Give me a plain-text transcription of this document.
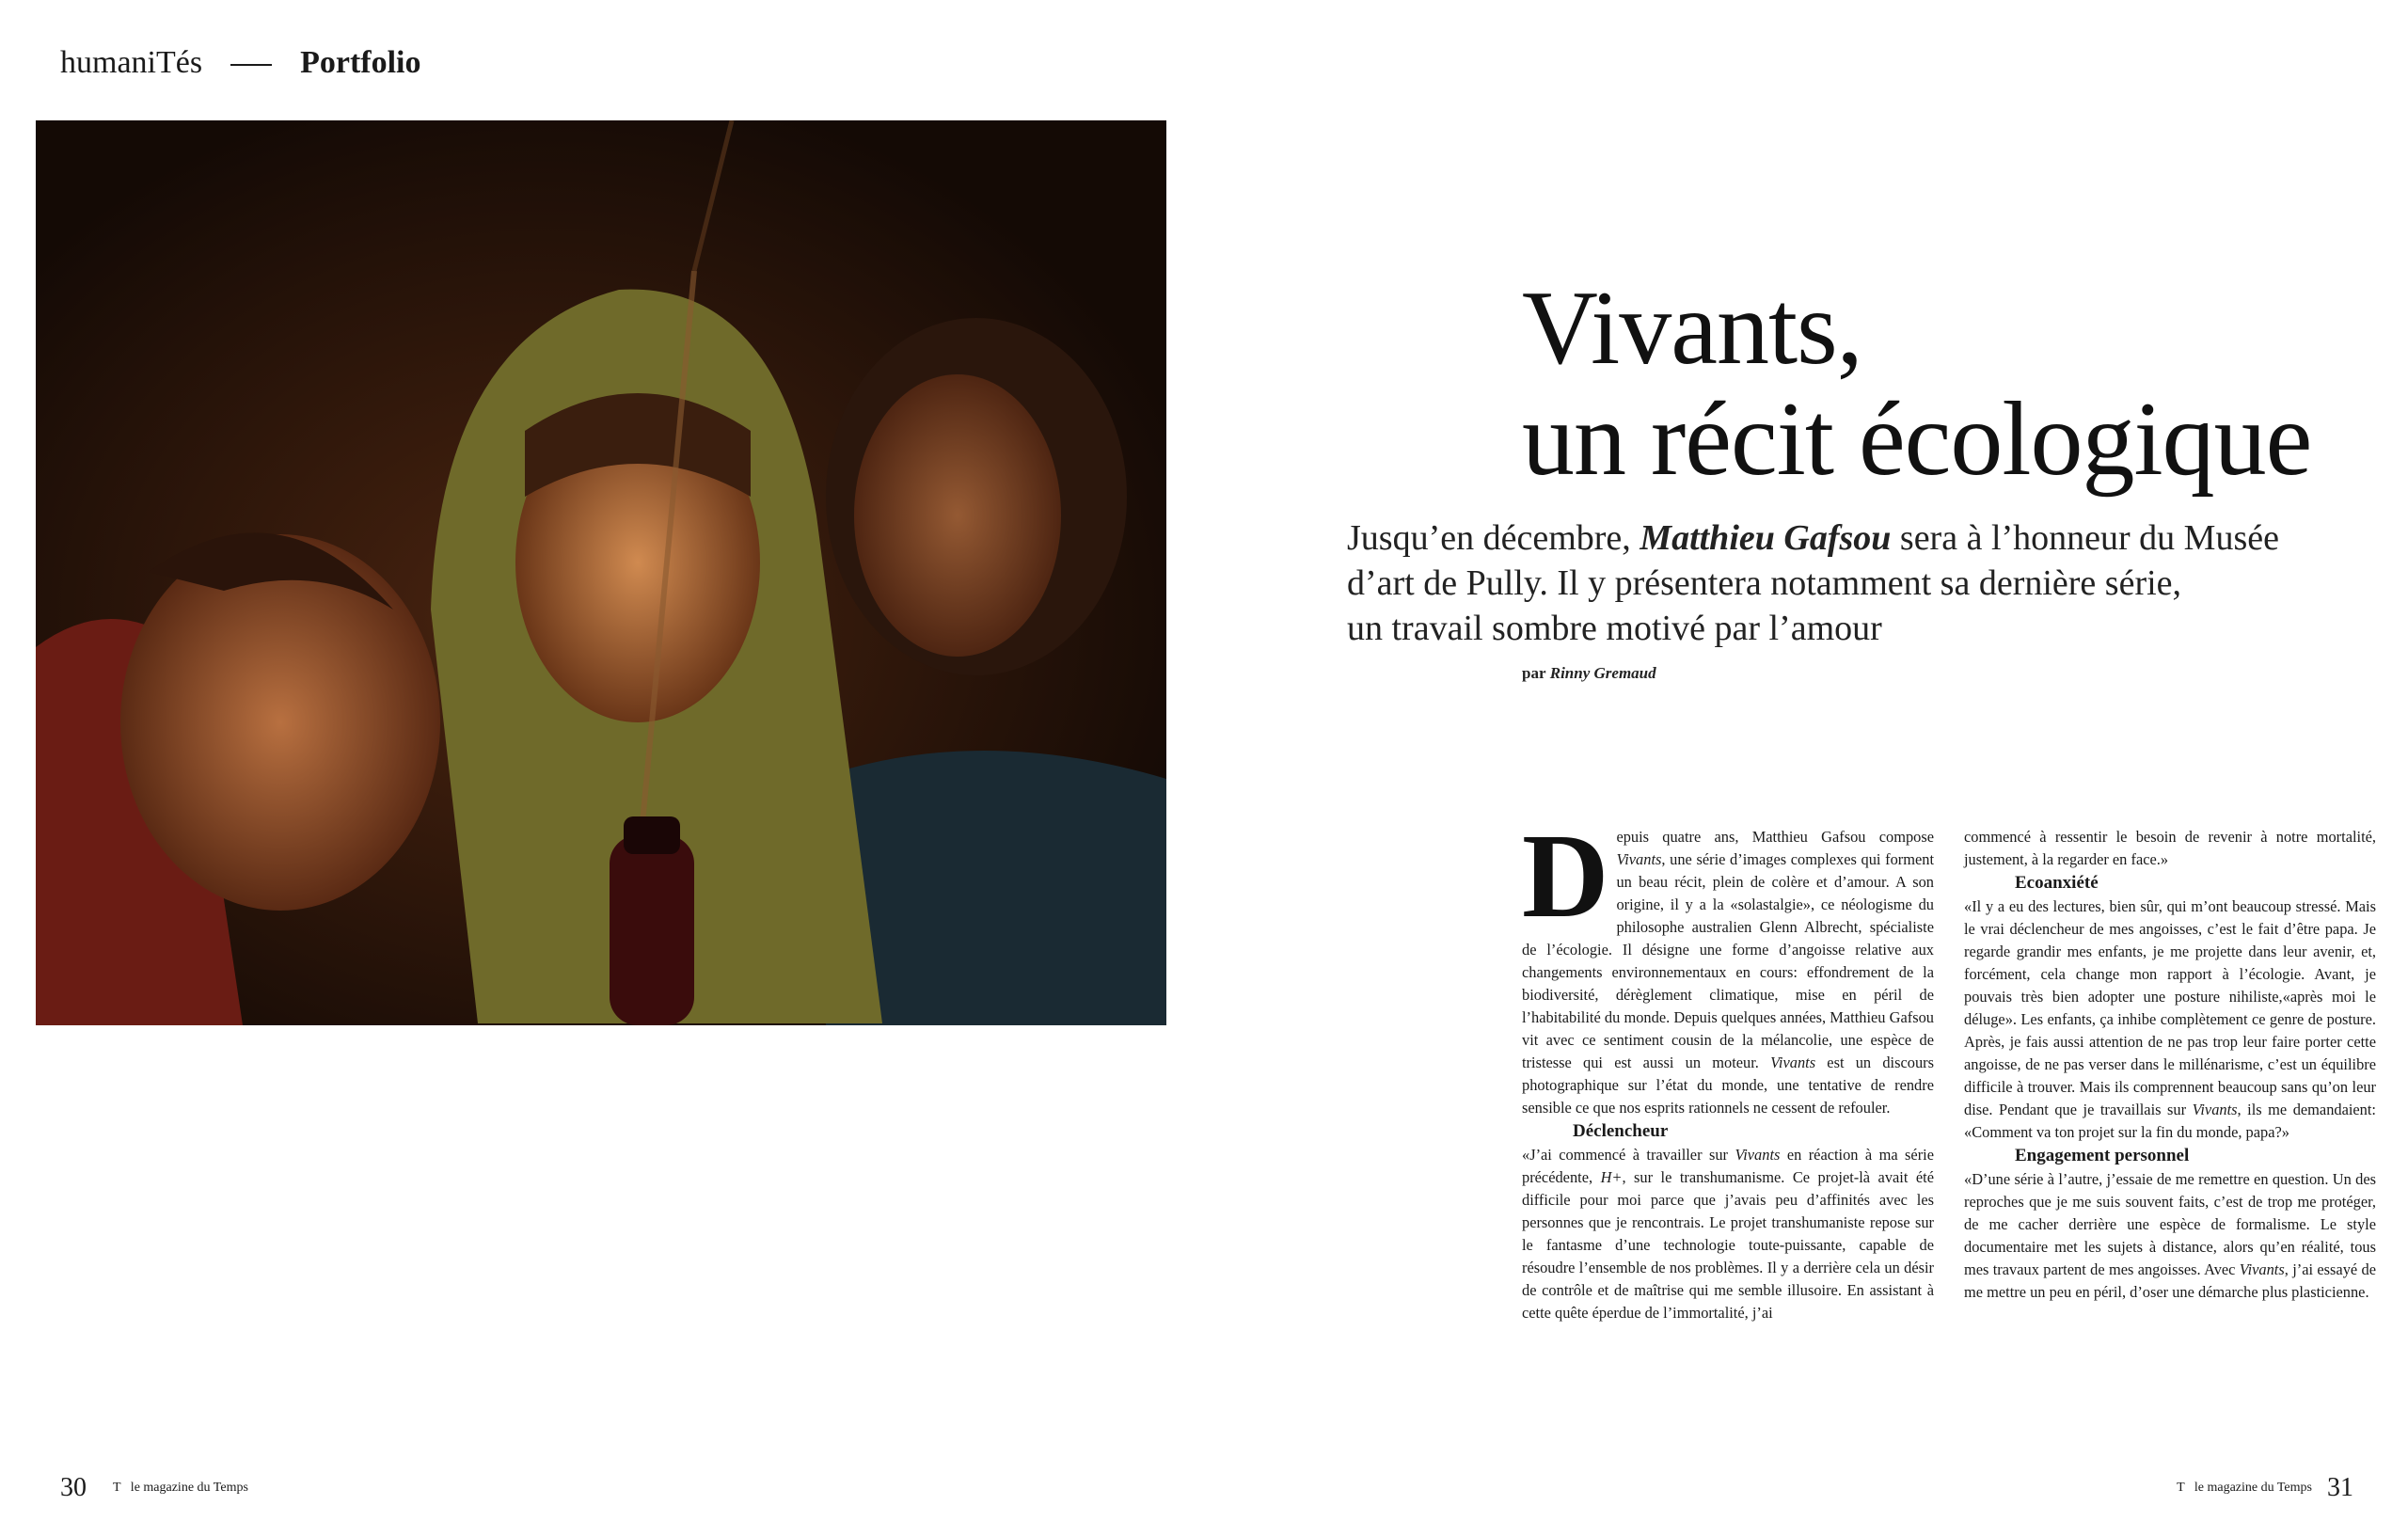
humaniTés	Portfolio
Vivants,
un récit écologique
Jusqu’en décembre, Matthieu Gafsou sera à l’honneur du Musée
d’art de Pully. Il y présentera notamment sa dernière série,
un travail sombre motivé par l’amour
par Rinny Gremaud

Depuis quatre ans, Matthieu Gafsou compose Vivants, une série d’images complexes qui forment un beau récit, plein de colère et d’amour. A son origine, il y a la «solastalgie», ce néologisme du philosophe australien Glenn Albrecht, spécialiste de l’écologie. Il désigne une forme d’angoisse relative aux changements environnementaux en cours: effondrement de la biodiversité, dérèglement climatique, mise en péril de l’habitabilité du monde. Depuis quelques années, Matthieu Gafsou vit avec ce sentiment cousin de la mélancolie, une espèce de tristesse qui est aussi un moteur. Vivants est un discours photographique sur l’état du monde, une tentative de rendre sensible ce que nos esprits rationnels ne cessent de refouler.

Déclencheur

«J’ai commencé à travailler sur Vivants en réaction à ma série précédente, H+, sur le transhumanisme. Ce projet-là avait été difficile pour moi parce que j’avais peu d’affinités avec les personnes que je rencontrais. Le projet transhumaniste repose sur le fantasme d’une technologie toute-puissante, capable de résoudre l’ensemble de nos problèmes. Il y a derrière cela un désir de contrôle et de maîtrise qui me semble illusoire. En assistant à cette quête éperdue de l’immortalité, j’ai

commencé à ressentir le besoin de revenir à notre mortalité, justement, à la regarder en face.»

Ecoanxiété

«Il y a eu des lectures, bien sûr, qui m’ont beaucoup stressé. Mais le vrai déclencheur de mes angoisses, c’est le fait d’être papa. Je regarde grandir mes enfants, je me projette dans leur avenir, et, forcément, cela change mon rapport à l’écologie. Avant, je pouvais très bien adopter une posture nihiliste,«après moi le déluge». Les enfants, ça inhibe complètement ce genre de posture. Après, je fais aussi attention de ne pas trop leur faire porter cette angoisse, de ne pas verser dans le millénarisme, c’est un équilibre difficile à trouver. Mais ils comprennent beaucoup sans qu’on leur dise. Pendant que je travaillais sur Vivants, ils me demandaient: «Comment va ton projet sur la fin du monde, papa?»

Engagement personnel

«D’une série à l’autre, j’essaie de me remettre en question. Un des reproches que je me suis souvent faits, c’est de trop me protéger, de me cacher derrière une espèce de formalisme. Le style documentaire met les sujets à distance, alors qu’en réalité, tous mes travaux partent de mes angoisses. Avec Vivants, j’ai essayé de me mettre un peu en péril, d’oser une démarche plus plasticienne.

30 T   le magazine du Temps	T   le magazine du Temps 31
